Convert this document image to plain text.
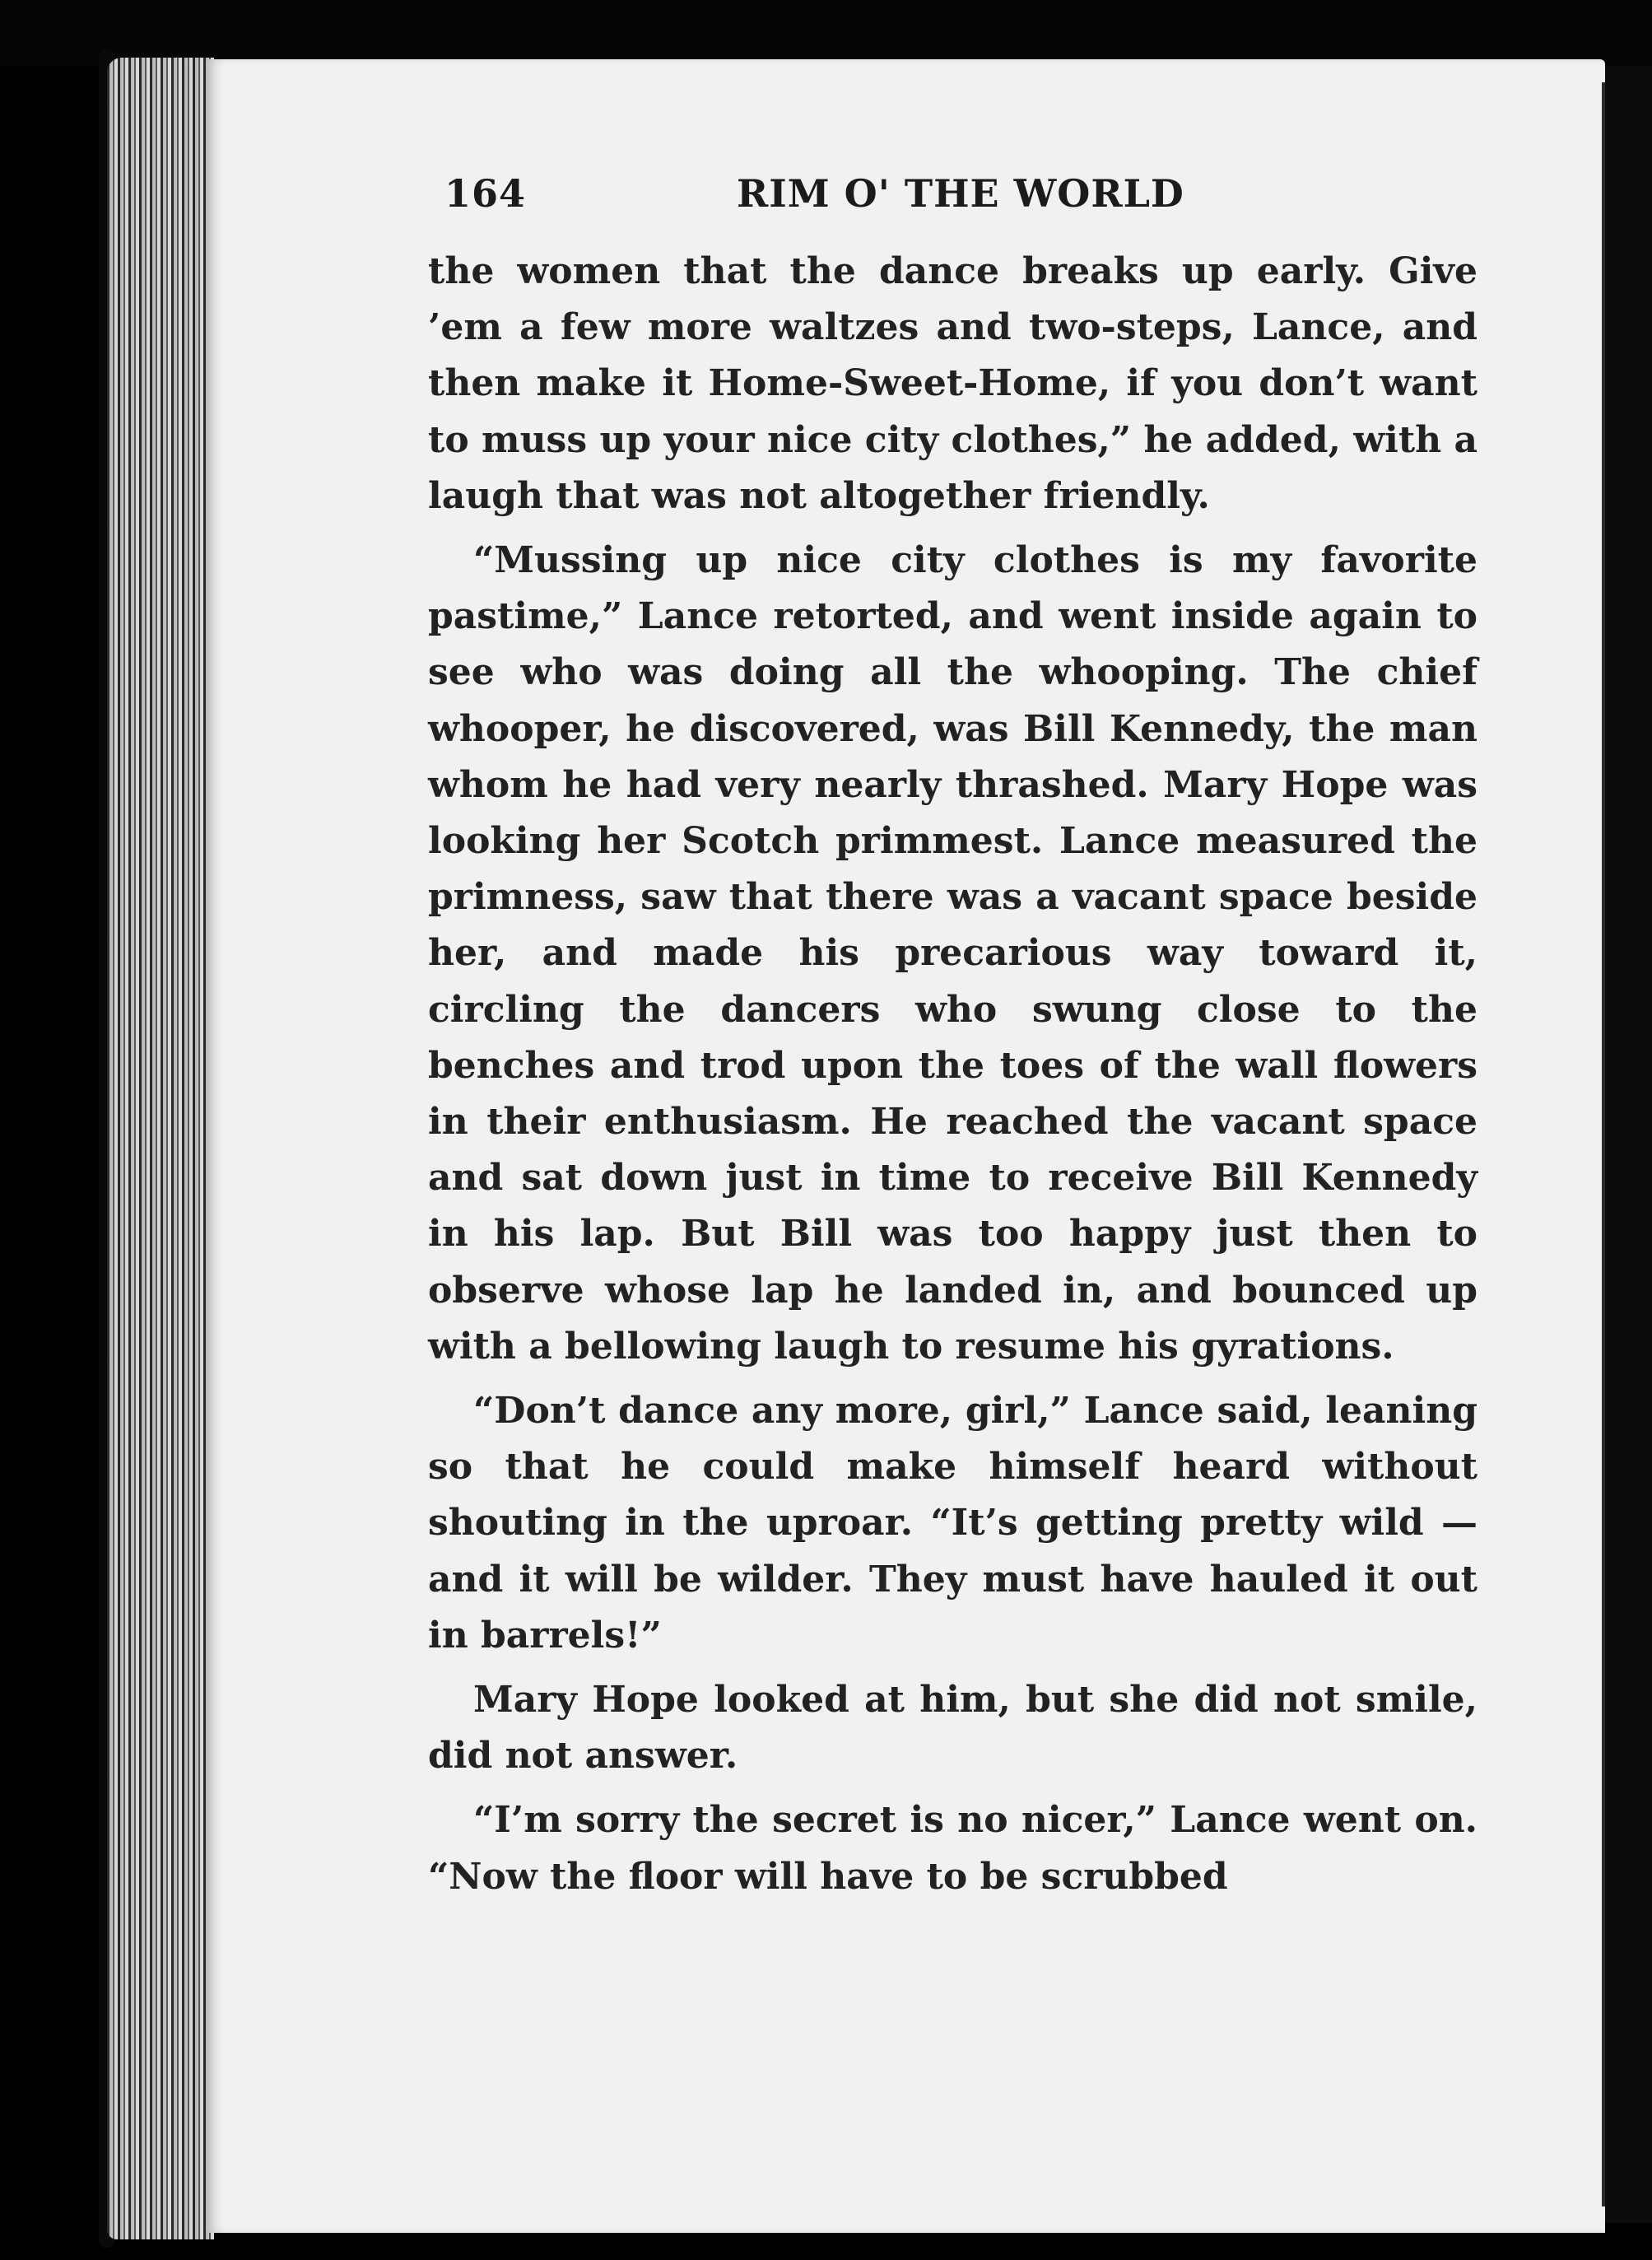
164	RIM O' THE WORLD

the women that the dance breaks up early. Give ’em a few more waltzes and two-steps, Lance, and then make it Home-Sweet-Home, if you don’t want to muss up your nice city clothes,” he added, with a laugh that was not altogether friendly.

“Mussing up nice city clothes is my favorite pastime,” Lance retorted, and went inside again to see who was doing all the whooping. The chief whooper, he discovered, was Bill Kennedy, the man whom he had very nearly thrashed. Mary Hope was looking her Scotch primmest. Lance measured the primness, saw that there was a vacant space beside her, and made his precarious way toward it, circling the dancers who swung close to the benches and trod upon the toes of the wall flowers in their enthusiasm. He reached the vacant space and sat down just in time to receive Bill Kennedy in his lap. But Bill was too happy just then to observe whose lap he landed in, and bounced up with a bellowing laugh to resume his gyrations.

“Don’t dance any more, girl,” Lance said, leaning so that he could make himself heard without shouting in the uproar. “It’s getting pretty wild — and it will be wilder. They must have hauled it out in barrels!”

Mary Hope looked at him, but she did not smile, did not answer.

“I’m sorry the secret is no nicer,” Lance went on. “Now the floor will have to be scrubbed
